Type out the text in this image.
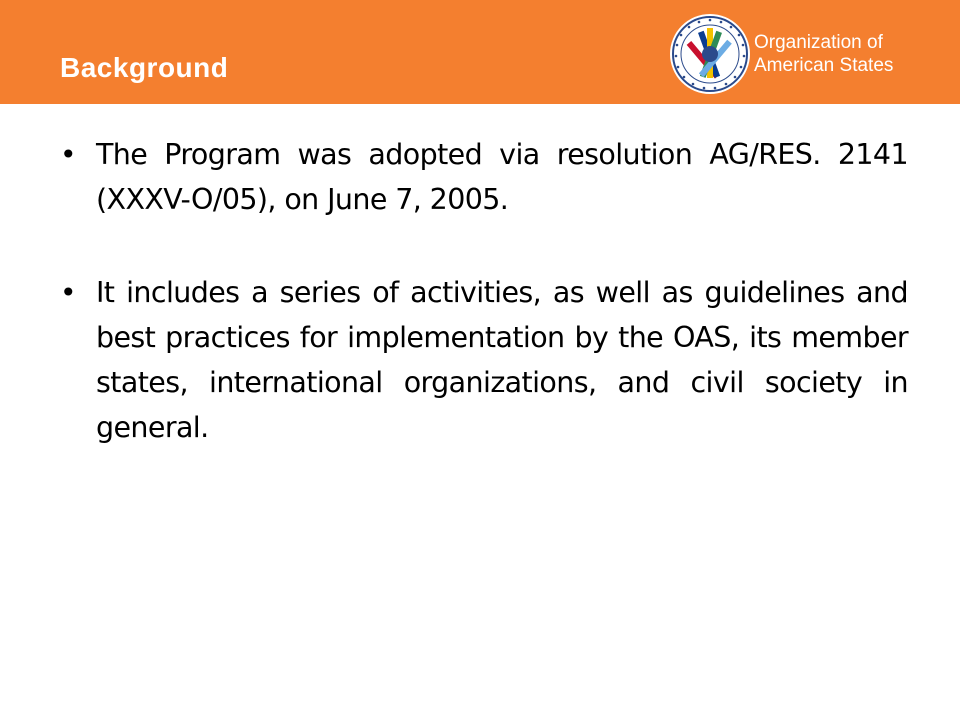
Background
Organization of
American States
• The Program was adopted via resolution AG/RES. 2141 (XXXV-O/05), on June 7, 2005.
• It includes a series of activities, as well as guidelines and best practices for implementation by the OAS, its member states, international organizations, and civil society in general.
